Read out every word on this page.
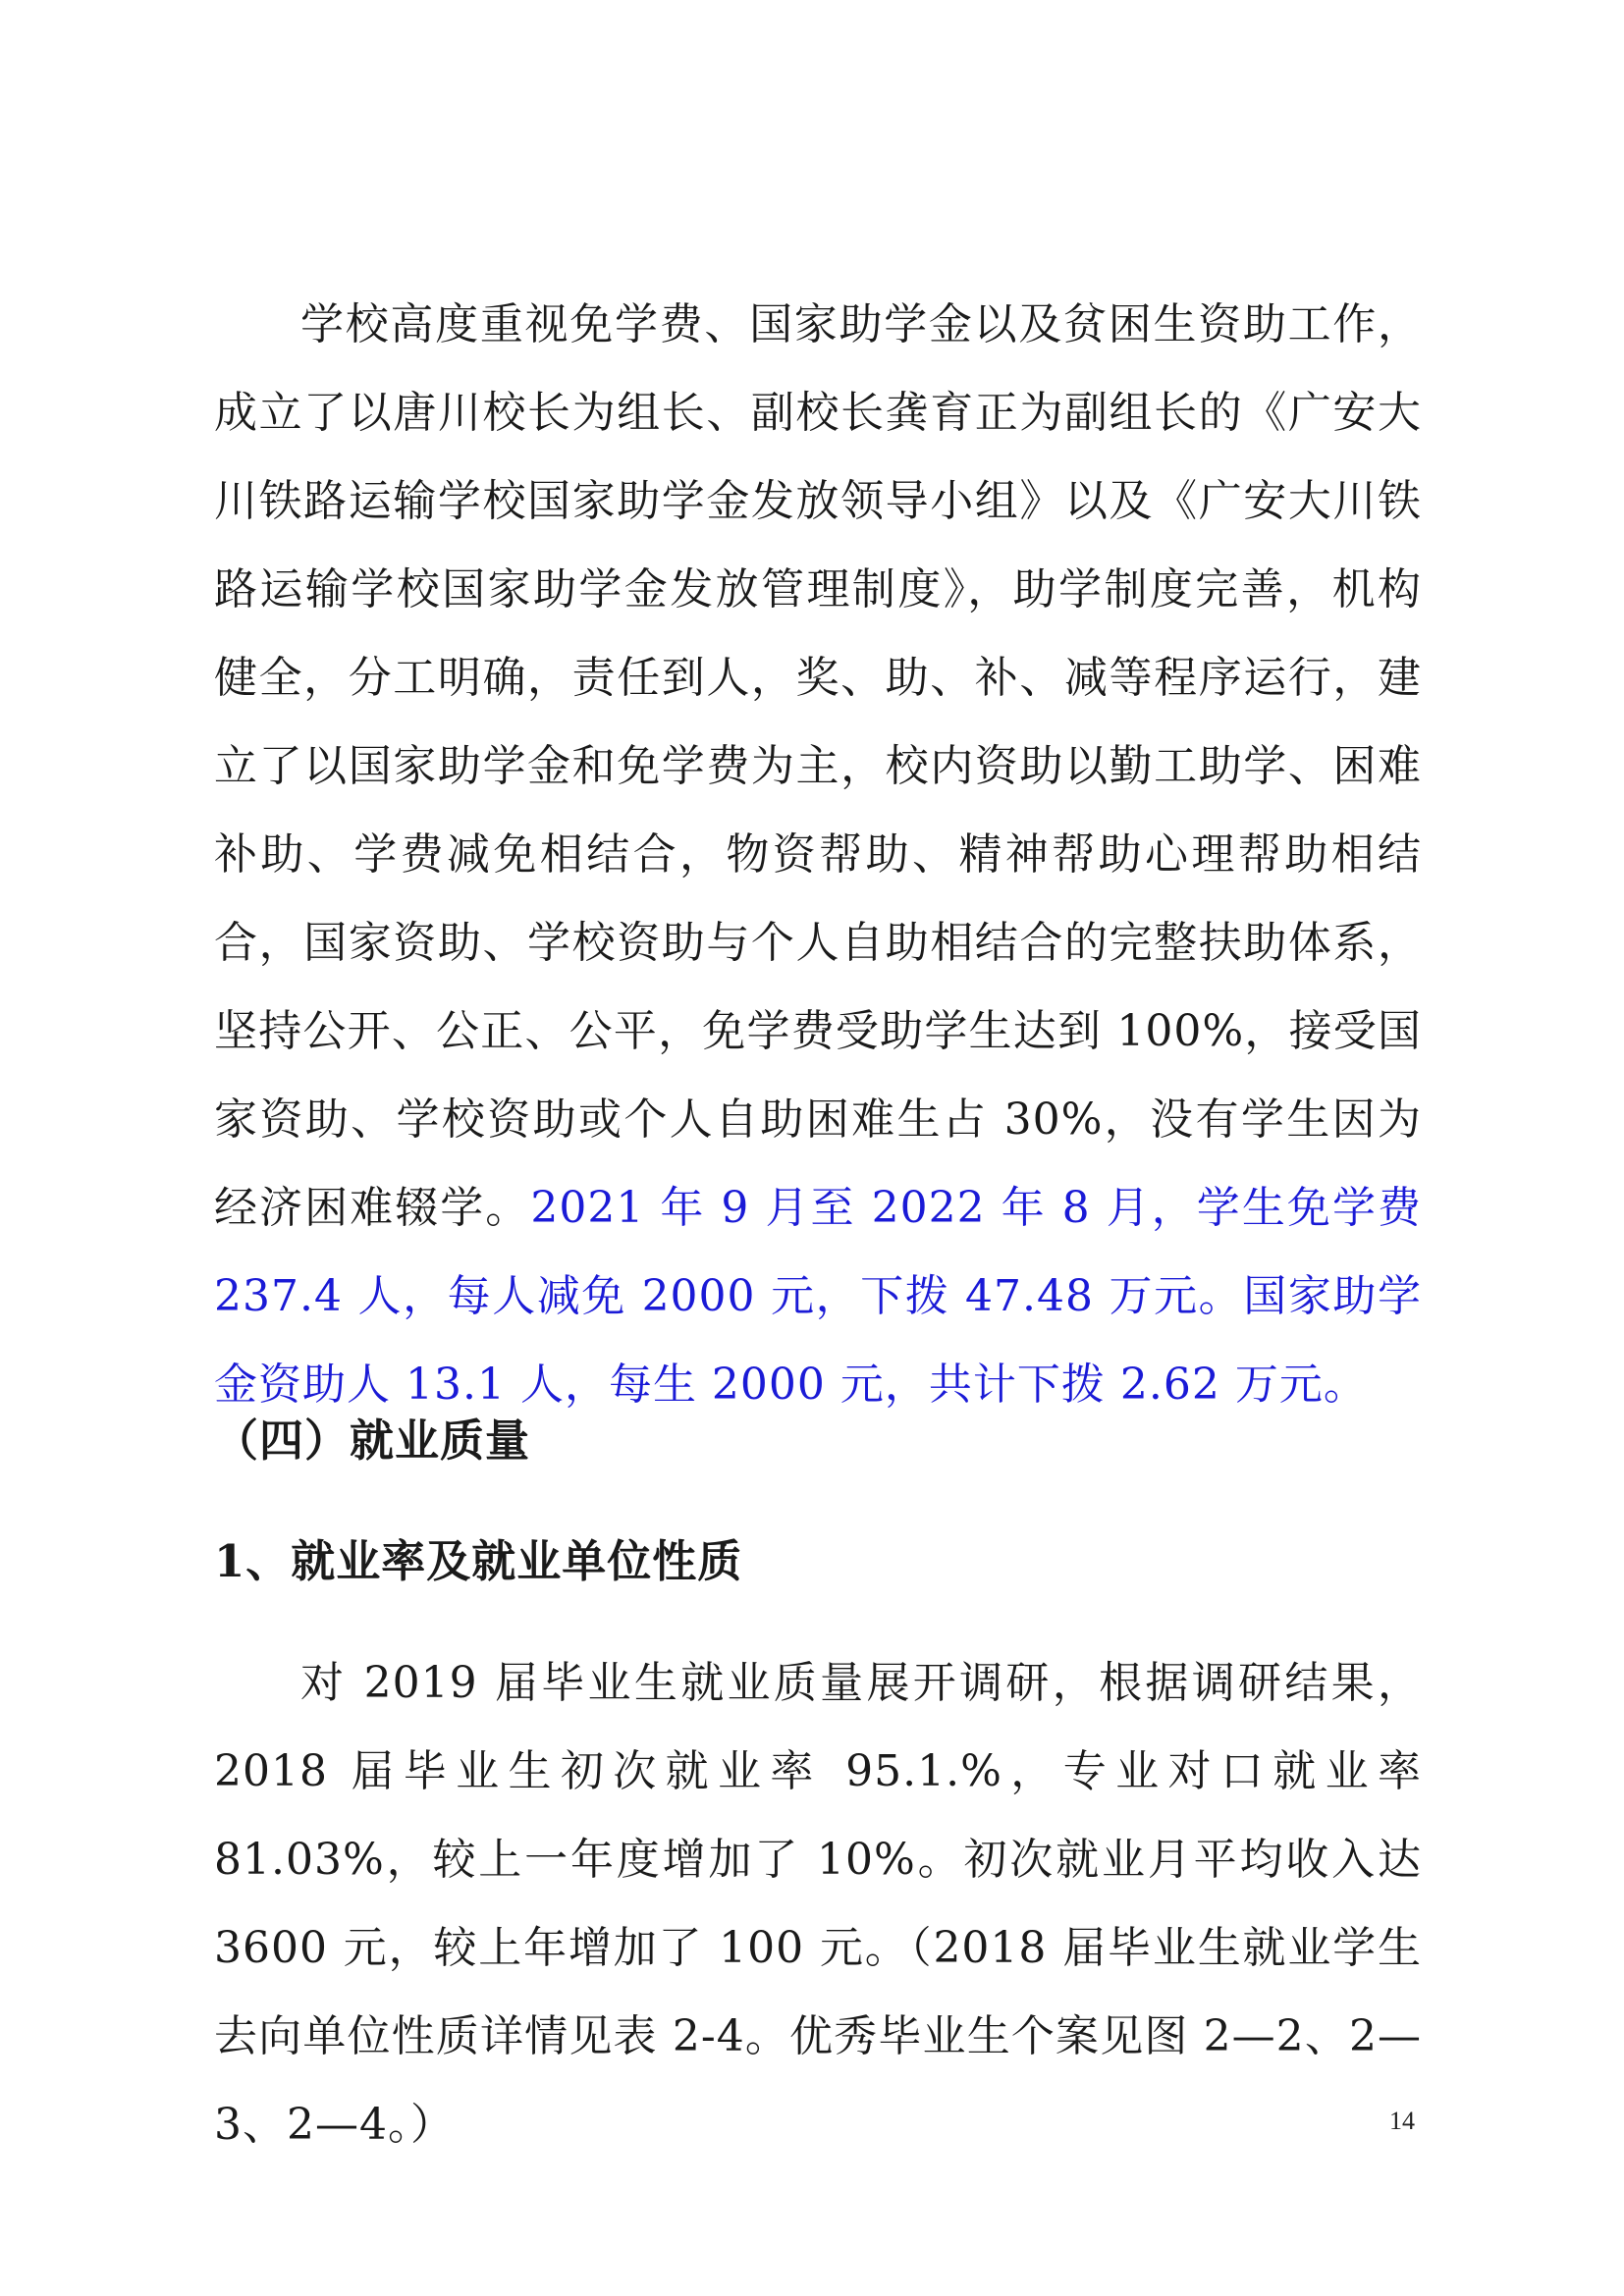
学校高度重视免学费、国家助学金以及贫困生资助工作，成立了以唐川校长为组长、副校长龚育正为副组长的《广安大川铁路运输学校国家助学金发放领导小组》以及《广安大川铁路运输学校国家助学金发放管理制度》，助学制度完善，机构健全，分工明确，责任到人，奖、助、补、减等程序运行，建立了以国家助学金和免学费为主，校内资助以勤工助学、困难补助、学费减免相结合，物资帮助、精神帮助心理帮助相结合，国家资助、学校资助与个人自助相结合的完整扶助体系，坚持公开、公正、公平，免学费受助学生达到 100%，接受国家资助、学校资助或个人自助困难生占 30%，没有学生因为经济困难辍学。2021 年 9 月至 2022 年 8 月，学生免学费 237.4 人，每人减免 2000 元，下拨 47.48 万元。国家助学金资助人 13.1 人，每生 2000 元，共计下拨 2.62 万元。

（四）就业质量
1、就业率及就业单位性质

对 2019 届毕业生就业质量展开调研，根据调研结果， 2018 届毕业生初次就业率 95.1.%，专业对口就业率 81.03%，较上一年度增加了 10%。初次就业月平均收入达 3600 元，较上年增加了 100 元。（2018 届毕业生就业学生去向单位性质详情见表 2-4。优秀毕业生个案见图 2—2、2—3、2—4。）	14
